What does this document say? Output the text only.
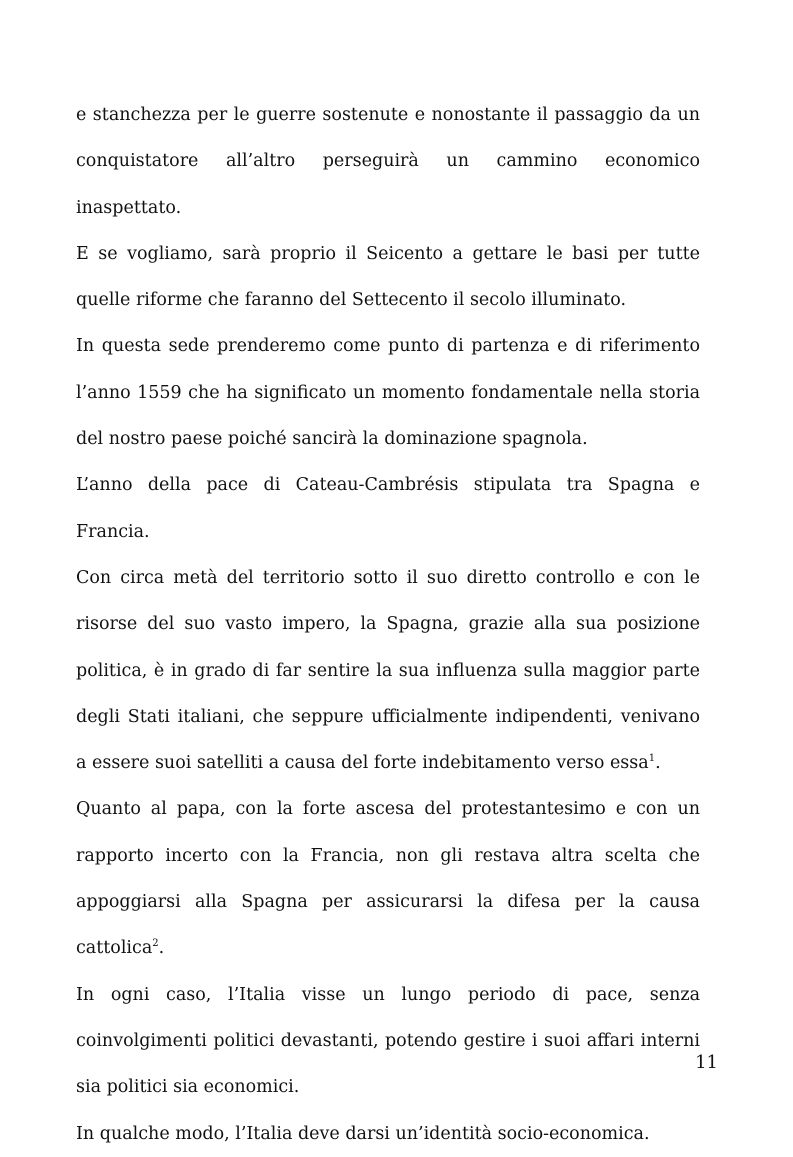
e stanchezza per le guerre sostenute e nonostante il passaggio da un conquistatore all’altro perseguirà un cammino economico inaspettato.

E se vogliamo, sarà proprio il Seicento a gettare le basi per tutte quelle riforme che faranno del Settecento il secolo illuminato.

In questa sede prenderemo come punto di partenza e di riferimento l’anno 1559 che ha significato un momento fondamentale nella storia del nostro paese poiché sancirà la dominazione spagnola.

L’anno della pace di Cateau-Cambrésis stipulata tra Spagna e Francia.

Con circa metà del territorio sotto il suo diretto controllo e con le risorse del suo vasto impero, la Spagna, grazie alla sua posizione politica, è in grado di far sentire la sua influenza sulla maggior parte degli Stati italiani, che seppure ufficialmente indipendenti, venivano a essere suoi satelliti a causa del forte indebitamento verso essa$^1$.

Quanto al papa, con la forte ascesa del protestantesimo e con un rapporto incerto con la Francia, non gli restava altra scelta che appoggiarsi alla Spagna per assicurarsi la difesa per la causa cattolica$^2$.

In ogni caso, l’Italia visse un lungo periodo di pace, senza coinvolgimenti politici devastanti, potendo gestire i suoi affari interni sia politici sia economici.

In qualche modo, l’Italia deve darsi un’identità socio-economica.

11
